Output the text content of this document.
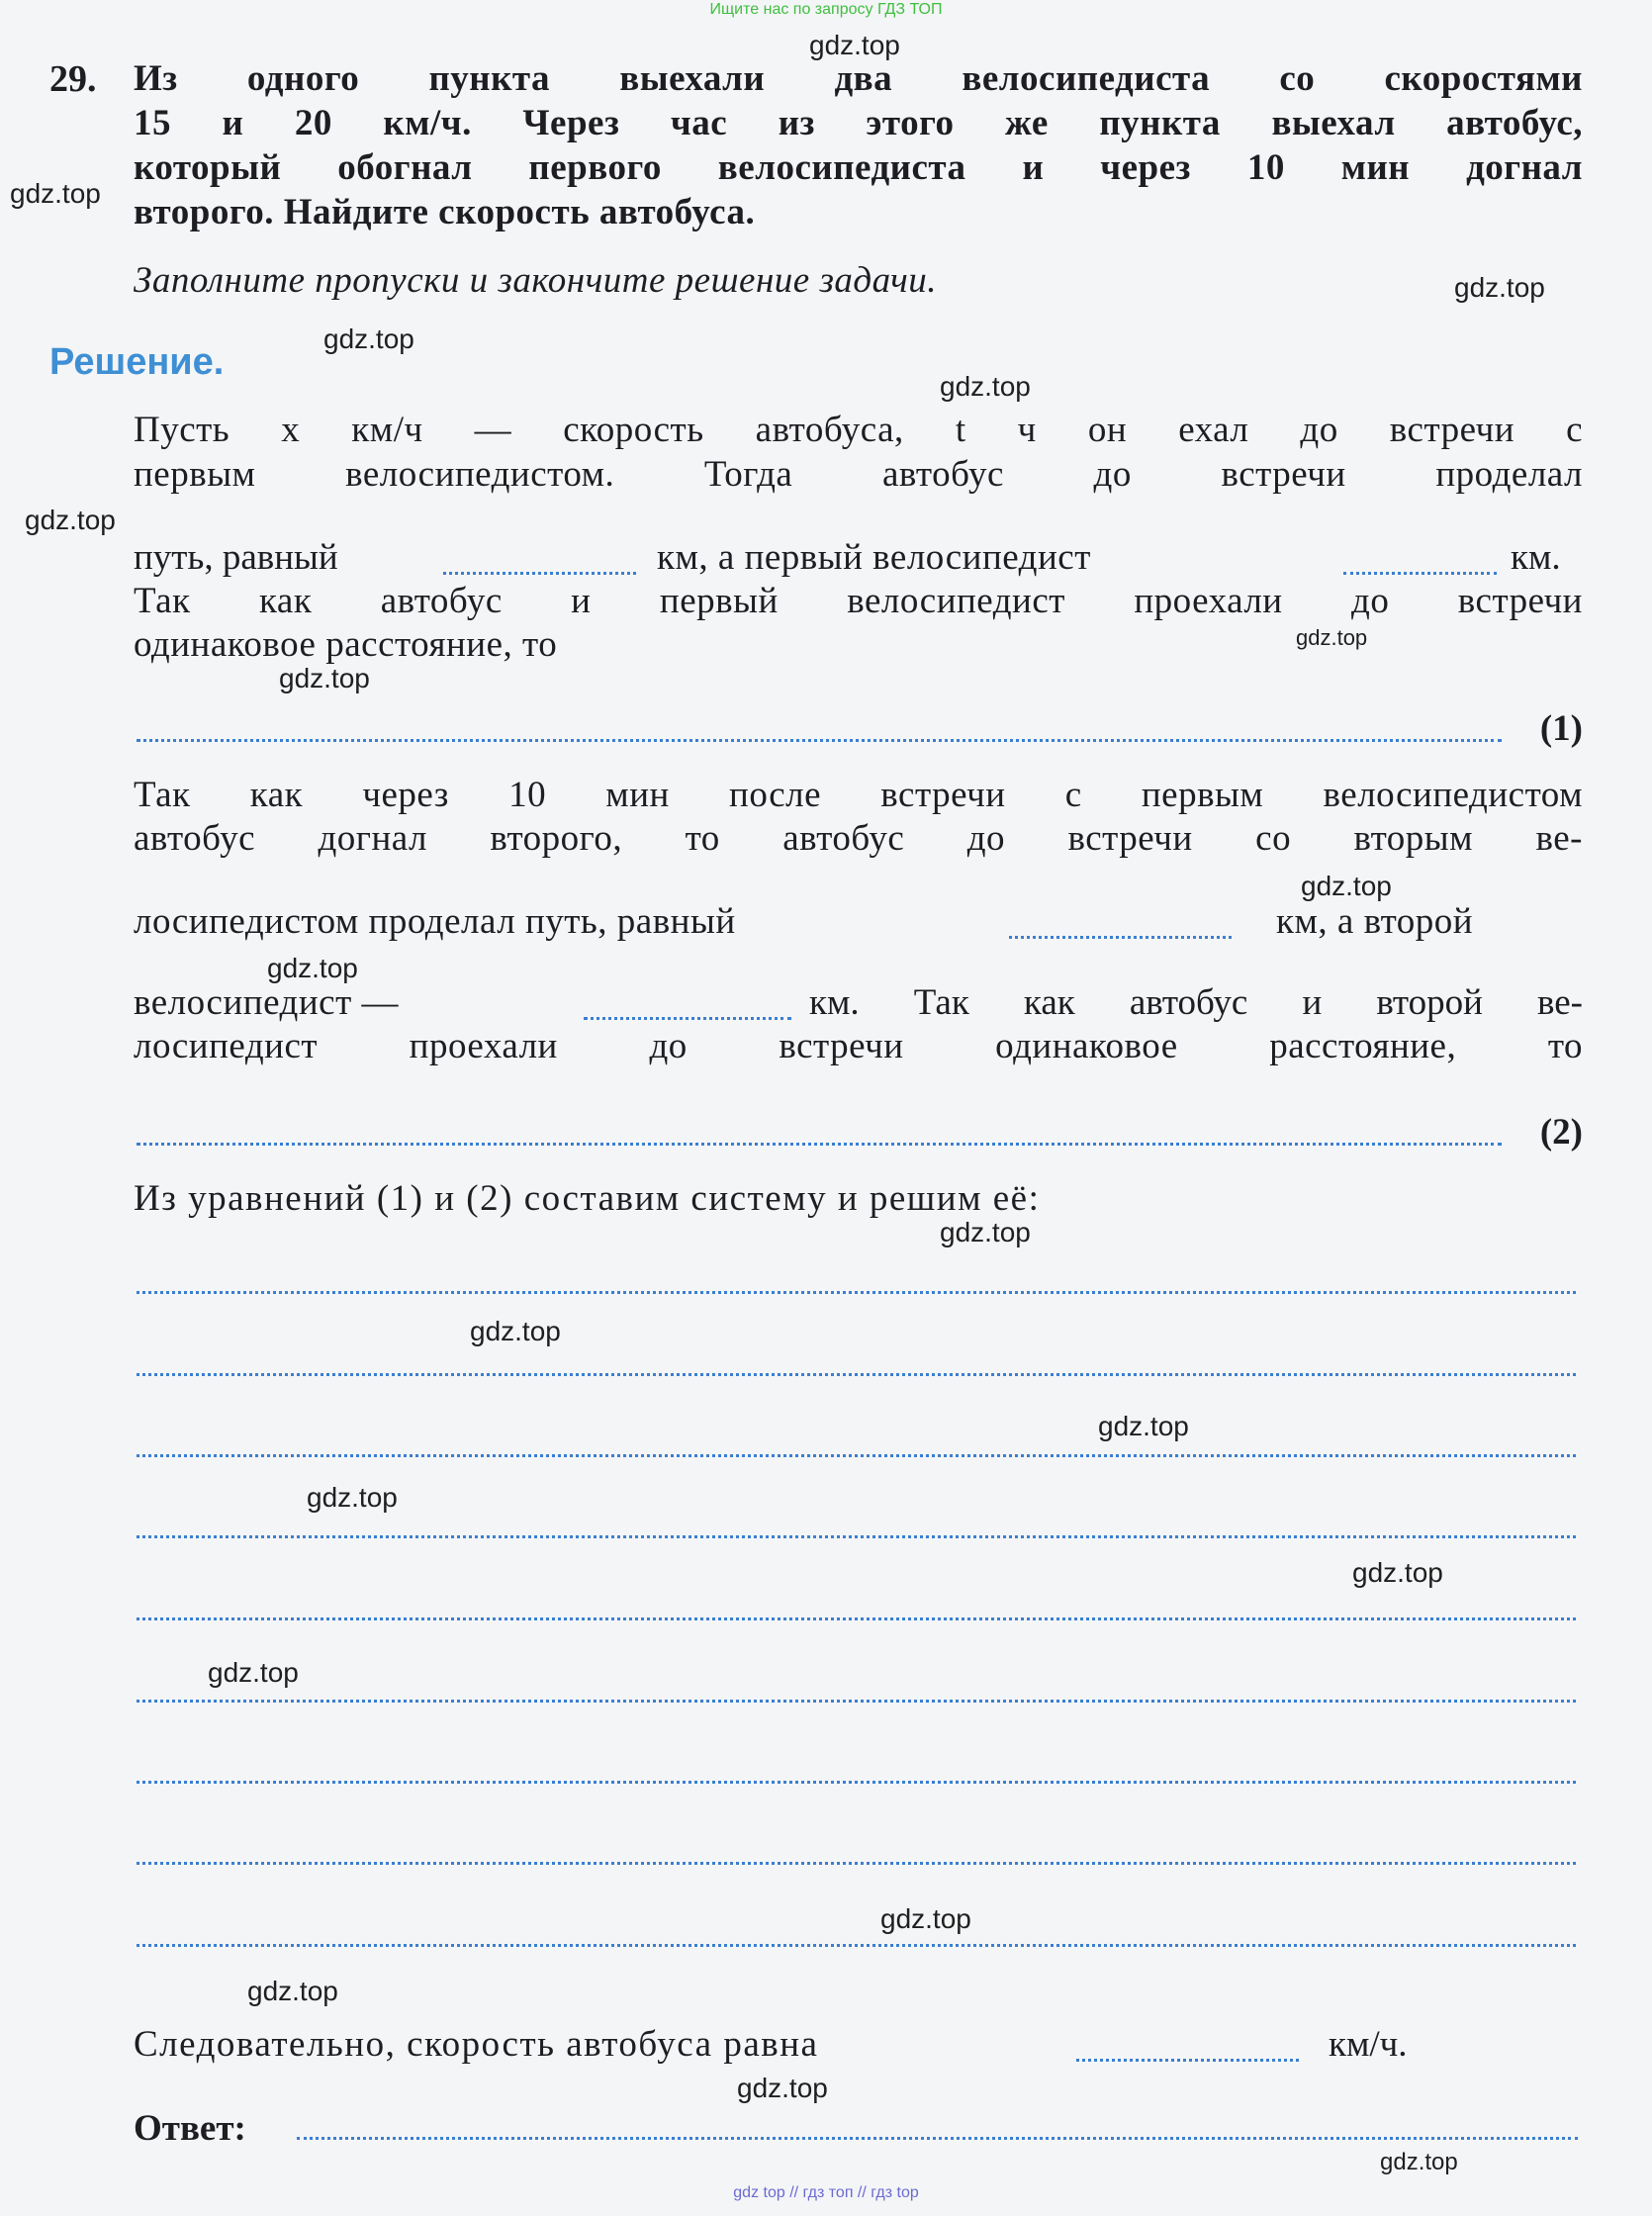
Ищите нас по запросу ГДЗ ТОП

29. Из одного пункта выехали два велосипедиста со скоростями
15 и 20 км/ч. Через час из этого же пункта выехал автобус,
который обогнал первого велосипедиста и через 10 мин догнал
второго. Найдите скорость автобуса.
Заполните пропуски и закончите решение задачи.
Решение.
Пусть x км/ч — скорость автобуса, t ч он ехал до встречи с
первым велосипедистом. Тогда автобус до встречи проделал
путь, равный	км, а первый велосипедист	км.
Так как автобус и первый велосипедист проехали до встречи
одинаковое расстояние, то
(1)
Так как через 10 мин после встречи с первым велосипедистом
автобус догнал второго, то автобус до встречи со вторым ве-
лосипедистом проделал путь, равный	км, а второй
велосипедист —	км. Так как автобус и второй ве-
лосипедист проехали до встречи одинаковое расстояние, то
(2)
Из уравнений (1) и (2) составим систему и решим её:
Следовательно, скорость автобуса равна	км/ч.
Ответ:
gdz.top
gdz.top
gdz.top
gdz.top
gdz.top
gdz.top
gdz.top
gdz.top
gdz.top
gdz.top
gdz.top
gdz.top
gdz.top
gdz.top
gdz.top
gdz.top
gdz.top
gdz.top
gdz.top
gdz.top
gdz top // гдз топ // гдз top
